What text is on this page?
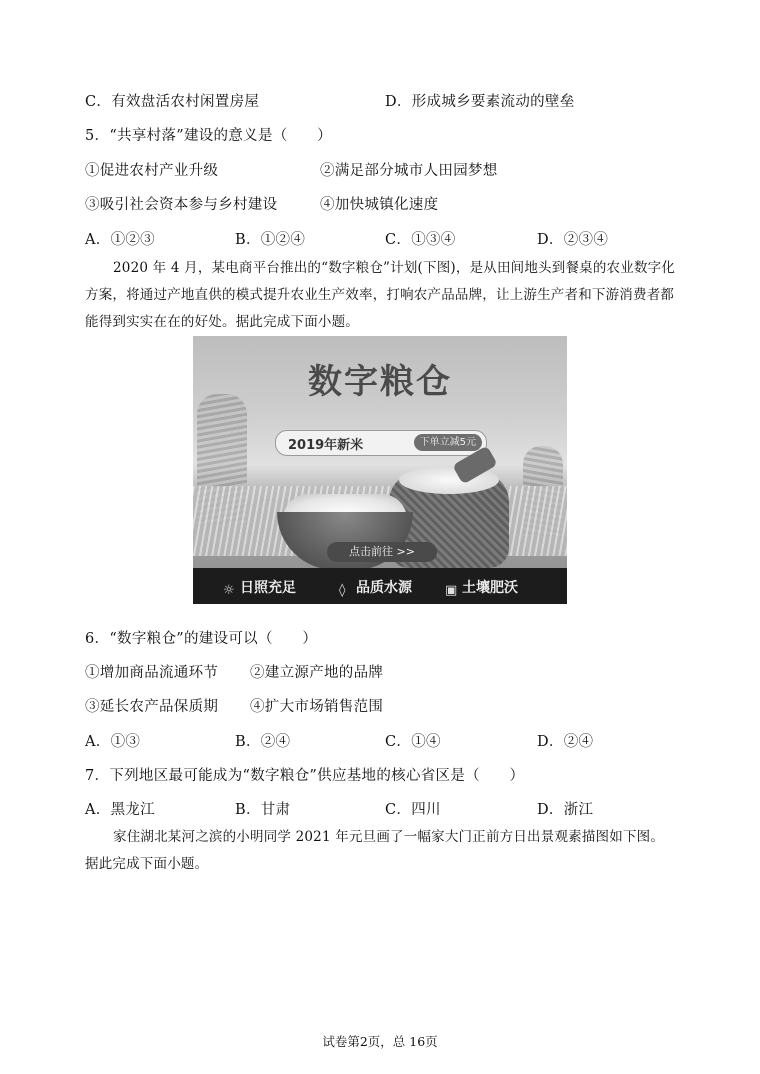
C．有效盘活农村闲置房屋	D．形成城乡要素流动的壁垒
5．“共享村落”建设的意义是（　　）
①促进农村产业升级	②满足部分城市人田园梦想
③吸引社会资本参与乡村建设	④加快城镇化速度
A．①②③	B．①②④	C．①③④	D．②③④
2020 年 4 月，某电商平台推出的“数字粮仓”计划(下图)，是从田间地头到餐桌的农业数字化方案，将通过产地直供的模式提升农业生产效率，打响农产品品牌，让上游生产者和下游消费者都能得到实实在在的好处。据此完成下面小题。
数字粮仓
2019年新米	下单立减5元
点击前往 >>
☼ 日照充足	◊ 品质水源	▣ 土壤肥沃
6．“数字粮仓”的建设可以（　　）
①增加商品流通环节 ②建立源产地的品牌
③延长农产品保质期 ④扩大市场销售范围
A．①③	B．②④	C．①④	D．②④
7．下列地区最可能成为“数字粮仓”供应基地的核心省区是（　　）
A．黑龙江	B．甘肃	C．四川	D．浙江
家住湖北某河之滨的小明同学 2021 年元旦画了一幅家大门正前方日出景观素描图如下图。据此完成下面小题。
试卷第2页，总 16页
